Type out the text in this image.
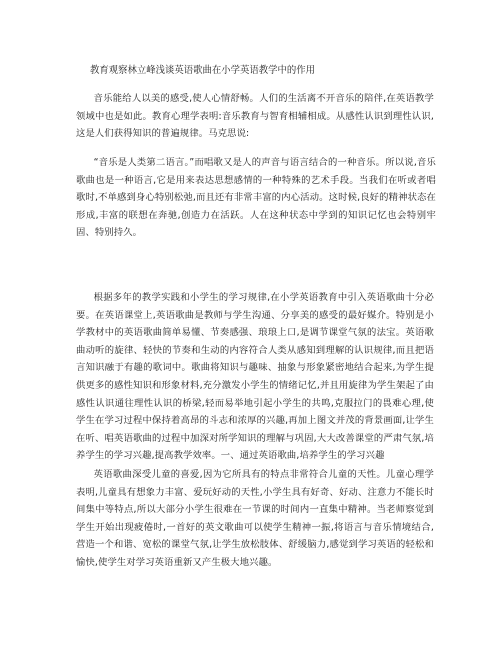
教育观察林立峰浅谈英语歌曲在小学英语教学中的作用

音乐能给人以美的感受,使人心情舒畅。人们的生活离不开音乐的陪伴,在英语教学领域中也是如此。教育心理学表明:音乐教育与智育相辅相成。从感性认识到理性认识,这是人们获得知识的普遍规律。马克思说:

“音乐是人类第二语言。”而唱歌又是人的声音与语言结合的一种音乐。所以说,音乐歌曲也是一种语言,它是用来表达思想感情的一种特殊的艺术手段。当我们在听或者唱歌时,不单感到身心特别松弛,而且还有非常丰富的内心活动。这时候,良好的精神状态在形成,丰富的联想在奔驰,创造力在活跃。人在这种状态中学到的知识记忆也会特别牢固、特别持久。

根据多年的教学实践和小学生的学习规律,在小学英语教育中引入英语歌曲十分必要。在英语课堂上,英语歌曲是教师与学生沟通、分享美的感受的最好媒介。特别是小学教材中的英语歌曲简单易懂、节奏感强、琅琅上口,是调节课堂气氛的法宝。英语歌曲动听的旋律、轻快的节奏和生动的内容符合人类从感知到理解的认识规律,而且把语言知识融于有趣的歌词中。歌曲将知识与趣味、抽象与形象紧密地结合起来,为学生提供更多的感性知识和形象材料,充分激发小学生的情绪记忆,并且用旋律为学生架起了由感性认识通往理性认识的桥梁,轻而易举地引起小学生的共鸣,克服拉门的畏难心理,使学生在学习过程中保持着高昂的斗志和浓厚的兴趣,再加上图文并茂的背景画面,让学生在听、唱英语歌曲的过程中加深对所学知识的理解与巩固,大大改善课堂的严肃气氛,培养学生的学习兴趣,提高教学效率。一、通过英语歌曲,培养学生的学习兴趣

英语歌曲深受儿童的喜爱,因为它所具有的特点非常符合儿童的天性。儿童心理学表明,儿童具有想象力丰富、爱玩好动的天性,小学生具有好奇、好动、注意力不能长时间集中等特点,所以大部分小学生很难在一节课的时间内一直集中精神。当老师察觉到学生开始出现疲倦时,一首好的英文歌曲可以使学生精神一振,将语言与音乐情境结合,营造一个和谐、宽松的课堂气氛,让学生放松肢体、舒缓脑力,感觉到学习英语的轻松和愉快,使学生对学习英语重新又产生极大地兴趣。
